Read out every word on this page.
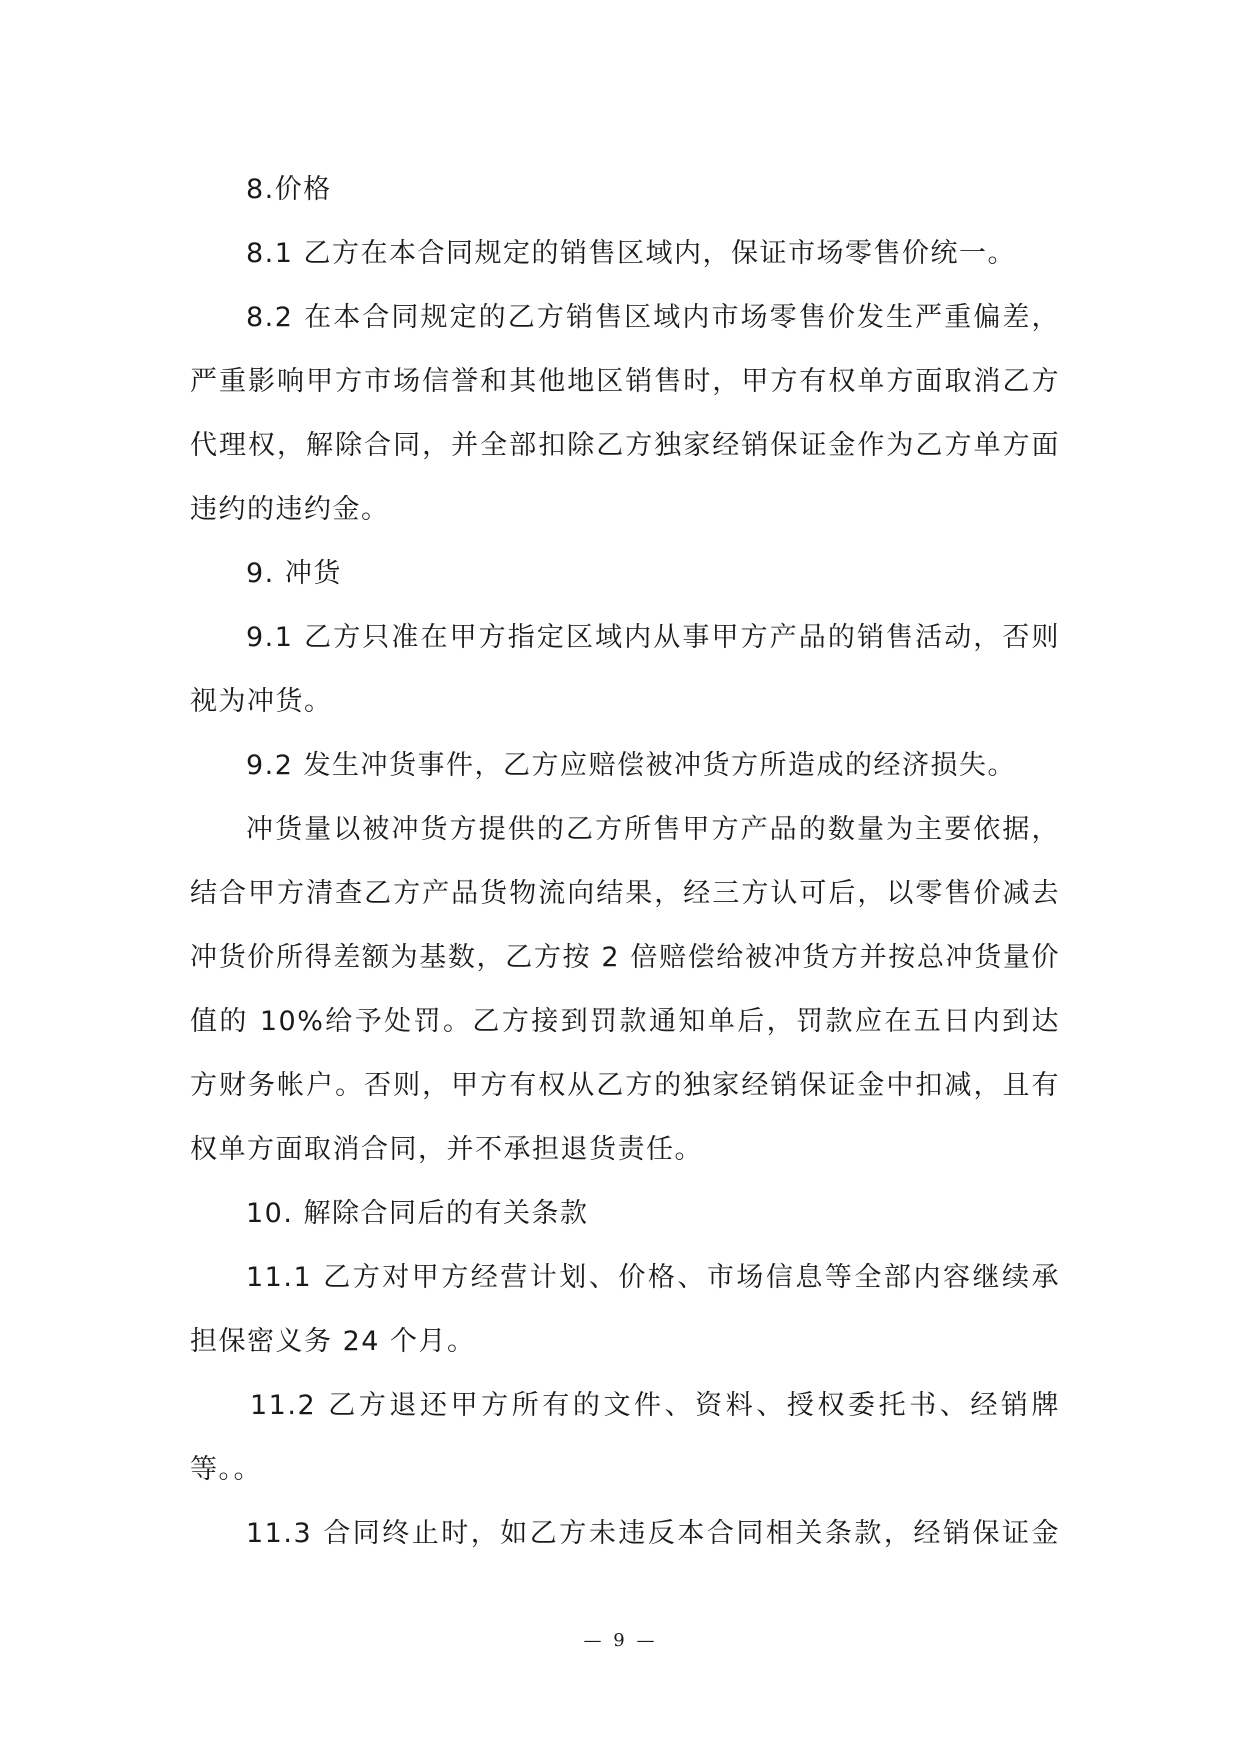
8.价格
8.1 乙方在本合同规定的销售区域内，保证市场零售价统一。
8.2 在本合同规定的乙方销售区域内市场零售价发生严重偏差，
严重影响甲方市场信誉和其他地区销售时，甲方有权单方面取消乙方
代理权，解除合同，并全部扣除乙方独家经销保证金作为乙方单方面
违约的违约金。
9. 冲货
9.1 乙方只准在甲方指定区域内从事甲方产品的销售活动，否则
视为冲货。
9.2 发生冲货事件，乙方应赔偿被冲货方所造成的经济损失。
冲货量以被冲货方提供的乙方所售甲方产品的数量为主要依据，
结合甲方清查乙方产品货物流向结果，经三方认可后，以零售价减去
冲货价所得差额为基数，乙方按 2 倍赔偿给被冲货方并按总冲货量价
值的 10%给予处罚。乙方接到罚款通知单后，罚款应在五日内到达
方财务帐户。否则，甲方有权从乙方的独家经销保证金中扣减，且有
权单方面取消合同，并不承担退货责任。
10. 解除合同后的有关条款
11.1 乙方对甲方经营计划、价格、市场信息等全部内容继续承
担保密义务 24 个月。
11.2 乙方退还甲方所有的文件、资料、授权委托书、经销牌
等。。
11.3 合同终止时，如乙方未违反本合同相关条款，经销保证金
— 9 —
